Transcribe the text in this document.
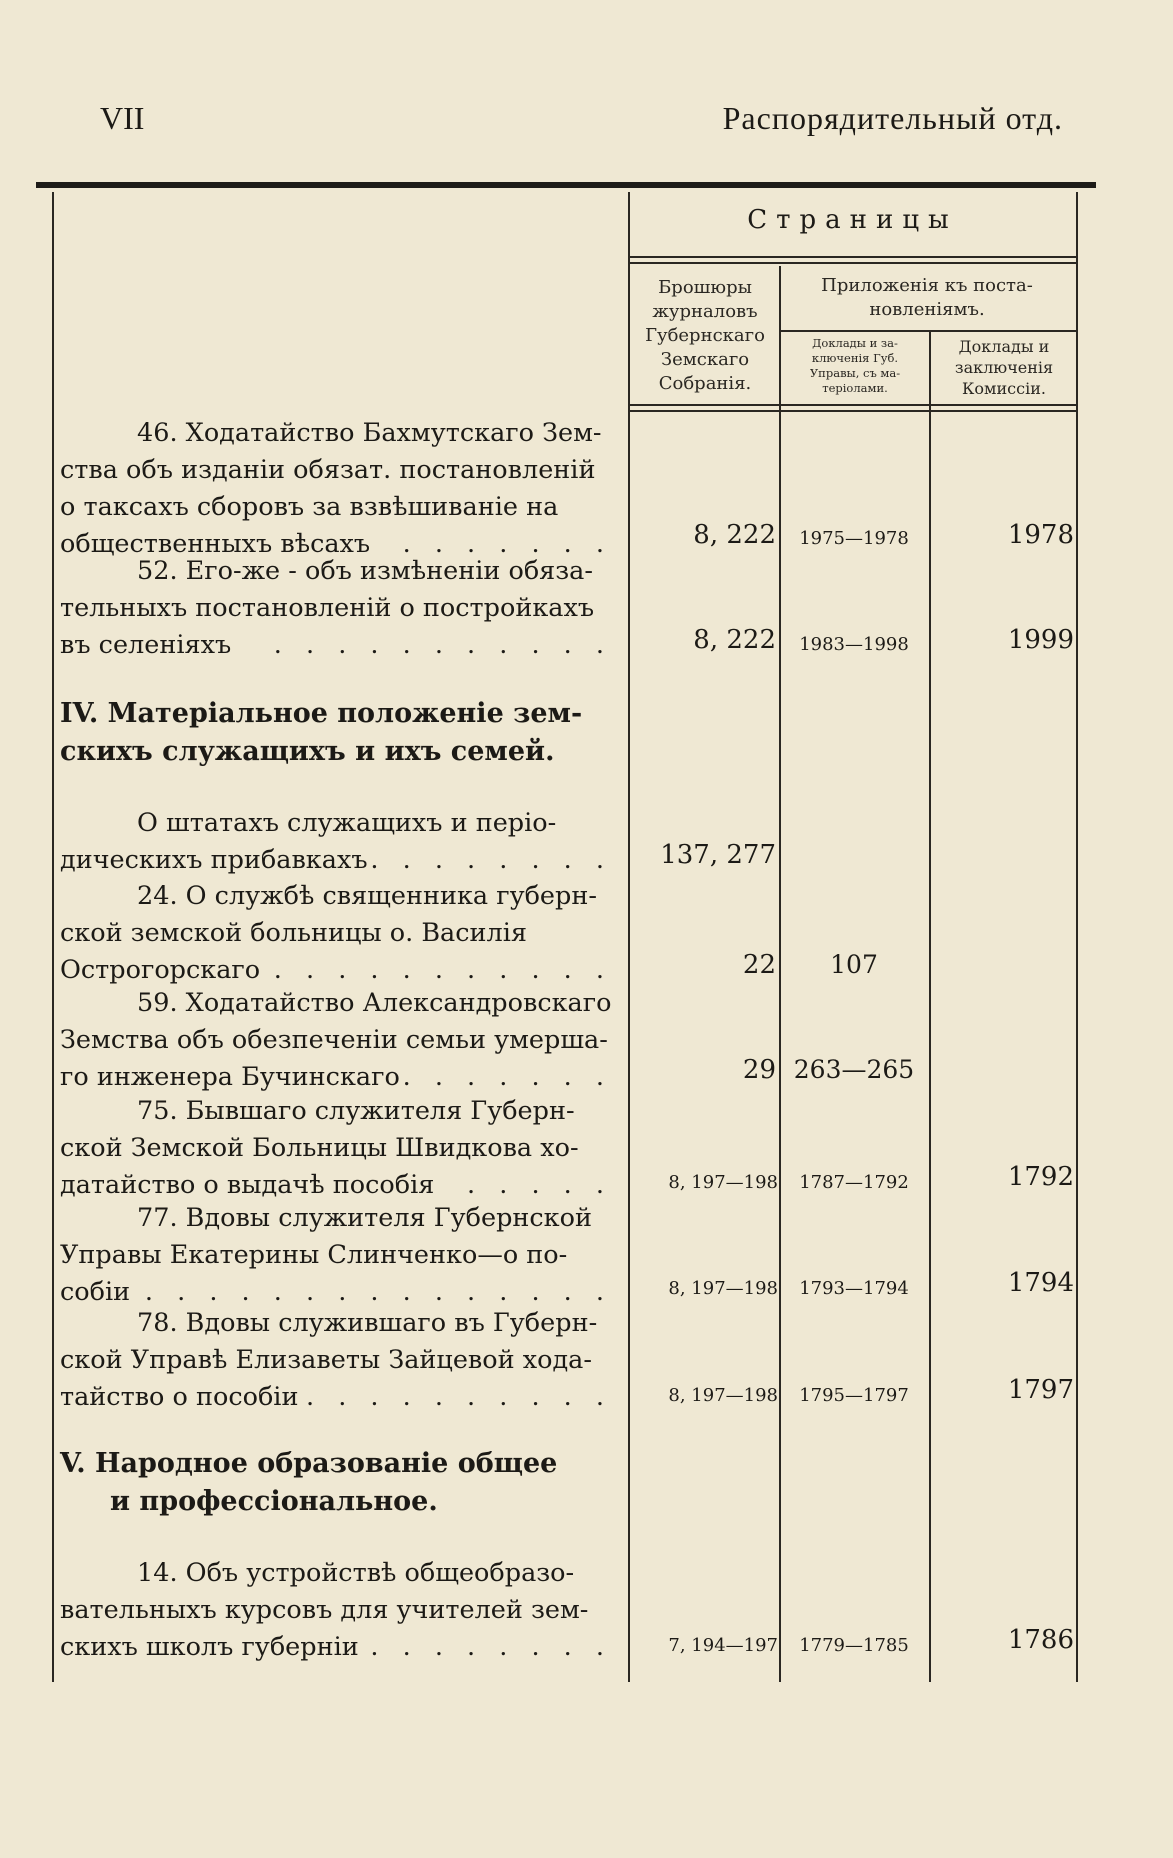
VII	Распорядительный отд.
Страницы
Брошюры
журналовъ
Губернскаго
Земскаго
Собранія.
Приложенія къ поста-
новленіямъ.
Доклады и за-
ключенія Губ.
Управы, съ ма-
теріолами.
Доклады и
заключенія
Комиссіи.
46. Ходатайство Бахмутскаго Зем-
ства объ изданіи обязат. постановленій
о таксахъ сборовъ за взвѣшиваніе на
общественныхъ вѣсахъ . . . . . . .	8, 222	1975—1978	1978
52. Его-же - объ измѣненіи обяза-
тельныхъ постановленій о постройкахъ
въ селеніяхъ . . . . . . . . . . .	8, 222	1983—1998	1999
IV. Матеріальное положеніе зем-
скихъ служащихъ и ихъ семей.
О штатахъ служащихъ и періо-
дическихъ прибавкахъ . . . . . . . .	137, 277
24. О службѣ священника губерн-
ской земской больницы о. Василія
Острогорскаго . . . . . . . . . . .	22	107
59. Ходатайство Александровскаго
Земства объ обезпеченіи семьи умерша-
го инженера Бучинскаго . . . . . . .	29 263—265
75. Бывшаго служителя Губерн-
ской Земской Больницы Швидкова хо-
датайство о выдачѣ пособія . . . . .	8, 197—198	1787—1792	1792
77. Вдовы служителя Губернской
Управы Екатерины Слинченко—о по-
собіи . . . . . . . . . . . . . . .	8, 197—198	1793—1794	1794
78. Вдовы служившаго въ Губерн-
ской Управѣ Елизаветы Зайцевой хода-
тайство о пособіи . . . . . . . . . .	8, 197—198	1795—1797	1797
V. Народное образованіе общее
и профессіональное.
14. Объ устройствѣ общеобразо-
вательныхъ курсовъ для учителей зем-
скихъ школъ губерніи . . . . . . . .	7, 194—197	1779—1785	1786
